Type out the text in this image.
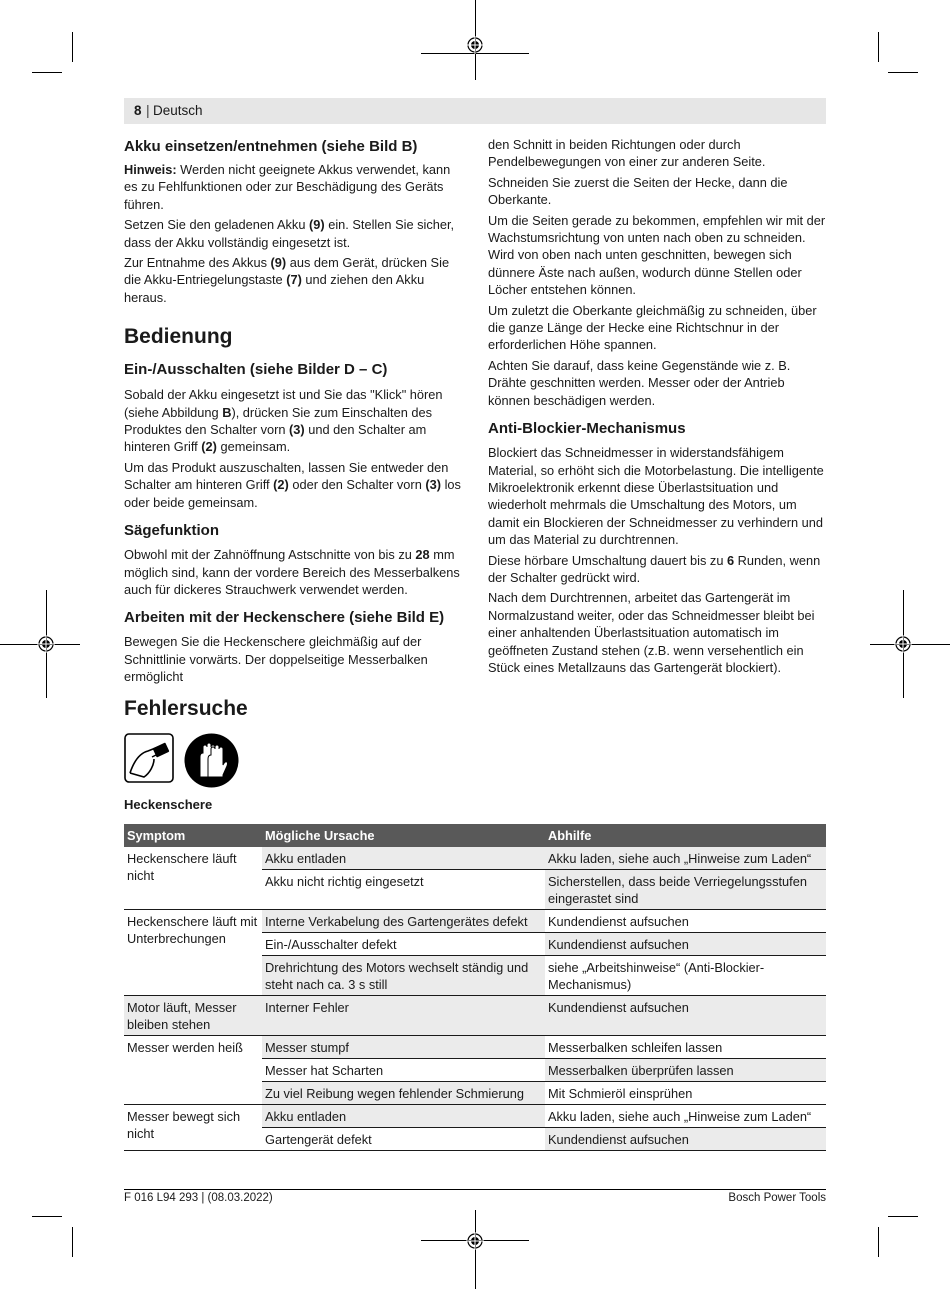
8 | Deutsch
Akku einsetzen/entnehmen (siehe Bild B)

Hinweis: Werden nicht geeignete Akkus verwendet, kann es zu Fehlfunktionen oder zur Beschädigung des Geräts führen.

Setzen Sie den geladenen Akku (9) ein. Stellen Sie sicher, dass der Akku vollständig eingesetzt ist.

Zur Entnahme des Akkus (9) aus dem Gerät, drücken Sie die Akku-Entriegelungstaste (7) und ziehen den Akku heraus.

Bedienung
Ein-/Ausschalten (siehe Bilder D – C)

Sobald der Akku eingesetzt ist und Sie das "Klick" hören (siehe Abbildung B), drücken Sie zum Einschalten des Produktes den Schalter vorn (3) und den Schalter am hinteren Griff (2) gemeinsam.

Um das Produkt auszuschalten, lassen Sie entweder den Schalter am hinteren Griff (2) oder den Schalter vorn (3) los oder beide gemeinsam.

Sägefunktion

Obwohl mit der Zahnöffnung Astschnitte von bis zu 28 mm möglich sind, kann der vordere Bereich des Messerbalkens auch für dickeres Strauchwerk verwendet werden.

Arbeiten mit der Heckenschere (siehe Bild E)

Bewegen Sie die Heckenschere gleichmäßig auf der Schnittlinie vorwärts. Der doppelseitige Messerbalken ermöglicht

den Schnitt in beiden Richtungen oder durch Pendelbewegungen von einer zur anderen Seite.

Schneiden Sie zuerst die Seiten der Hecke, dann die Oberkante.

Um die Seiten gerade zu bekommen, empfehlen wir mit der Wachstumsrichtung von unten nach oben zu schneiden. Wird von oben nach unten geschnitten, bewegen sich dünnere Äste nach außen, wodurch dünne Stellen oder Löcher entstehen können.

Um zuletzt die Oberkante gleichmäßig zu schneiden, über die ganze Länge der Hecke eine Richtschnur in der erforderlichen Höhe spannen.

Achten Sie darauf, dass keine Gegenstände wie z. B. Drähte geschnitten werden. Messer oder der Antrieb können beschädigen werden.

Anti-Blockier-Mechanismus

Blockiert das Schneidmesser in widerstandsfähigem Material, so erhöht sich die Motorbelastung. Die intelligente Mikroelektronik erkennt diese Überlastsituation und wiederholt mehrmals die Umschaltung des Motors, um damit ein Blockieren der Schneidmesser zu verhindern und um das Material zu durchtrennen.

Diese hörbare Umschaltung dauert bis zu 6 Runden, wenn der Schalter gedrückt wird.

Nach dem Durchtrennen, arbeitet das Gartengerät im Normalzustand weiter, oder das Schneidmesser bleibt bei einer anhaltenden Überlastsituation automatisch im geöffneten Zustand stehen (z.B. wenn versehentlich ein Stück eines Metallzauns das Gartengerät blockiert).

Fehlersuche
Heckenschere
Symptom	Mögliche Ursache	Abhilfe
Heckenschere läuft nicht	Akku entladen	Akku laden, siehe auch „Hinweise zum Laden“
	Akku nicht richtig eingesetzt	Sicherstellen, dass beide Verriegelungsstufen eingerastet sind
Heckenschere läuft mit Unterbrechungen	Interne Verkabelung des Gartengerätes defekt	Kundendienst aufsuchen
	Ein-/Ausschalter defekt	Kundendienst aufsuchen
	Drehrichtung des Motors wechselt ständig und steht nach ca. 3 s still	siehe „Arbeitshinweise“ (Anti-Blockier-Mechanismus)
Motor läuft, Messer bleiben stehen	Interner Fehler	Kundendienst aufsuchen
Messer werden heiß	Messer stumpf	Messerbalken schleifen lassen
	Messer hat Scharten	Messerbalken überprüfen lassen
	Zu viel Reibung wegen fehlender Schmierung	Mit Schmieröl einsprühen
Messer bewegt sich nicht	Akku entladen	Akku laden, siehe auch „Hinweise zum Laden“
	Gartengerät defekt	Kundendienst aufsuchen
F 016 L94 293 | (08.03.2022)	Bosch Power Tools
